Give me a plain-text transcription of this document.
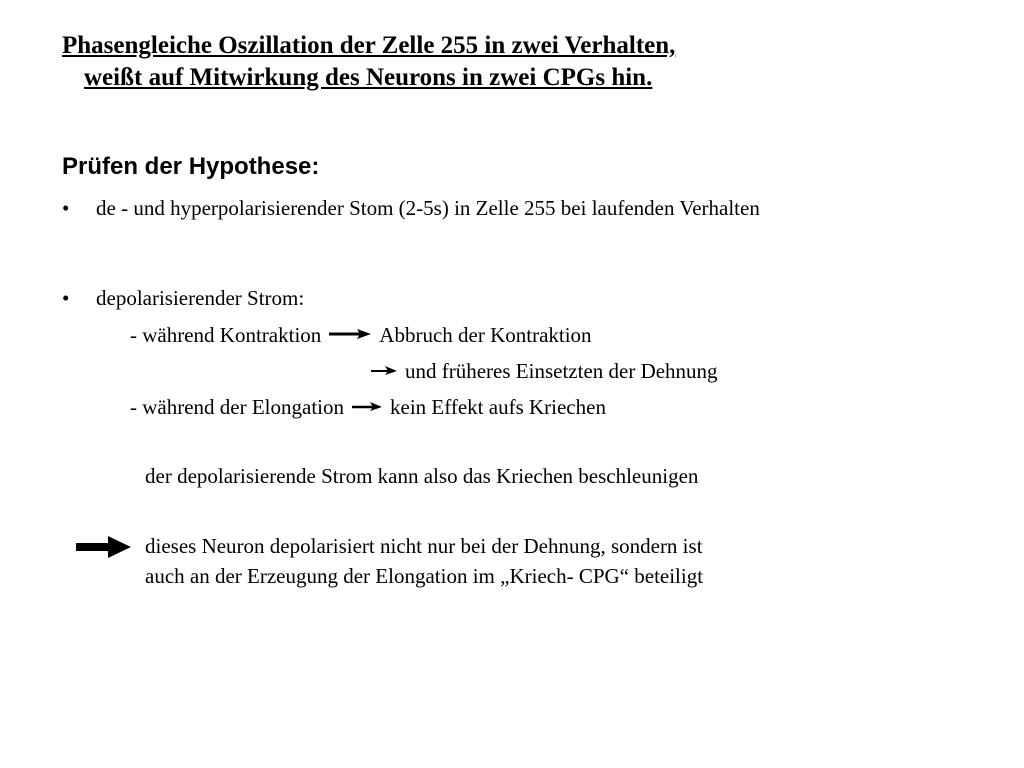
Phasengleiche Oszillation der Zelle 255 in zwei Verhalten,
weißt auf Mitwirkung des Neurons in zwei CPGs hin.
Prüfen der Hypothese:
•	de - und hyperpolarisierender Stom (2-5s) in Zelle 255 bei laufenden Verhalten
•	depolarisierender Strom:
- während Kontraktion	Abbruch der Kontraktion
und früheres Einsetzten der Dehnung
- während der Elongation kein Effekt aufs Kriechen
der depolarisierende Strom kann also das Kriechen beschleunigen
dieses Neuron depolarisiert nicht nur bei der Dehnung, sondern ist
auch an der Erzeugung der Elongation im „Kriech- CPG“ beteiligt
